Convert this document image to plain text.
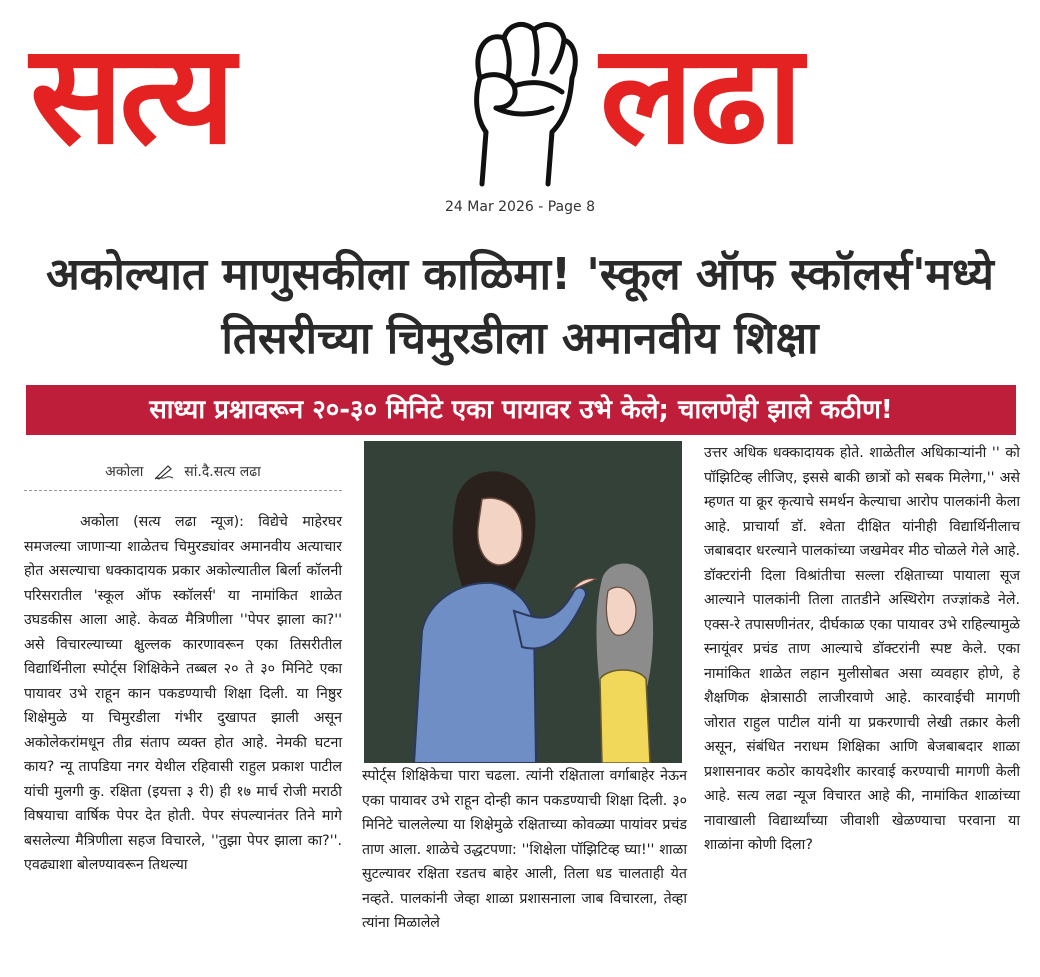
सत्य	लढा
24 Mar 2026 - Page 8
अकोल्यात माणुसकीला काळिमा! 'स्कूल ऑफ स्कॉलर्स'मध्ये तिसरीच्या चिमुरडीला अमानवीय शिक्षा
साध्या प्रश्नावरून २०-३० मिनिटे एका पायावर उभे केले; चालणेही झाले कठीण!
अकोला	सां.दै.सत्य लढा
अकोला (सत्य लढा न्यूज): विद्येचे माहेरघर समजल्या जाणाऱ्या शाळेतच चिमुरड्यांवर अमानवीय अत्याचार होत असल्याचा धक्कादायक प्रकार अकोल्यातील बिर्ला कॉलनी परिसरातील 'स्कूल ऑफ स्कॉलर्स' या नामांकित शाळेत उघडकीस आला आहे. केवळ मैत्रिणीला ''पेपर झाला का?'' असे विचारल्याच्या क्षुल्लक कारणावरून एका तिसरीतील विद्यार्थिनीला स्पोर्ट्स शिक्षिकेने तब्बल २० ते ३० मिनिटे एका पायावर उभे राहून कान पकडण्याची शिक्षा दिली. या निष्ठुर शिक्षेमुळे या चिमुरडीला गंभीर दुखापत झाली असून अकोलेकरांमधून तीव्र संताप व्यक्त होत आहे. नेमकी घटना काय? न्यू तापडिया नगर येथील रहिवासी राहुल प्रकाश पाटील यांची मुलगी कु. रक्षिता (इयत्ता ३ री) ही १७ मार्च रोजी मराठी विषयाचा वार्षिक पेपर देत होती. पेपर संपल्यानंतर तिने मागे बसलेल्या मैत्रिणीला सहज विचारले, ''तुझा पेपर झाला का?''. एवढ्याशा बोलण्यावरून तिथल्या
स्पोर्ट्स शिक्षिकेचा पारा चढला. त्यांनी रक्षिताला वर्गाबाहेर नेऊन एका पायावर उभे राहून दोन्ही कान पकडण्याची शिक्षा दिली. ३० मिनिटे चाललेल्या या शिक्षेमुळे रक्षिताच्या कोवळ्या पायांवर प्रचंड ताण आला. शाळेचे उद्धटपणा: ''शिक्षेला पॉझिटिव्ह घ्या!'' शाळा सुटल्यावर रक्षिता रडतच बाहेर आली, तिला धड चालताही येत नव्हते. पालकांनी जेव्हा शाळा प्रशासनाला जाब विचारला, तेव्हा त्यांना मिळालेले
उत्तर अधिक धक्कादायक होते. शाळेतील अधिकाऱ्यांनी '' को पॉझिटिव्ह लीजिए, इससे बाकी छात्रों को सबक मिलेगा,'' असे म्हणत या क्रूर कृत्याचे समर्थन केल्याचा आरोप पालकांनी केला आहे. प्राचार्या डॉ. श्वेता दीक्षित यांनीही विद्यार्थिनीलाच जबाबदार धरल्याने पालकांच्या जखमेवर मीठ चोळले गेले आहे. डॉक्टरांनी दिला विश्रांतीचा सल्ला रक्षिताच्या पायाला सूज आल्याने पालकांनी तिला तातडीने अस्थिरोग तज्ज्ञांकडे नेले. एक्स-रे तपासणीनंतर, दीर्घकाळ एका पायावर उभे राहिल्यामुळे स्नायूंवर प्रचंड ताण आल्याचे डॉक्टरांनी स्पष्ट केले. एका नामांकित शाळेत लहान मुलीसोबत असा व्यवहार होणे, हे शैक्षणिक क्षेत्रासाठी लाजीरवाणे आहे. कारवाईची मागणी जोरात राहुल पाटील यांनी या प्रकरणाची लेखी तक्रार केली असून, संबंधित नराधम शिक्षिका आणि बेजबाबदार शाळा प्रशासनावर कठोर कायदेशीर कारवाई करण्याची मागणी केली आहे. सत्य लढा न्यूज विचारत आहे की, नामांकित शाळांच्या नावाखाली विद्यार्थ्यांच्या जीवाशी खेळण्याचा परवाना या शाळांना कोणी दिला?
